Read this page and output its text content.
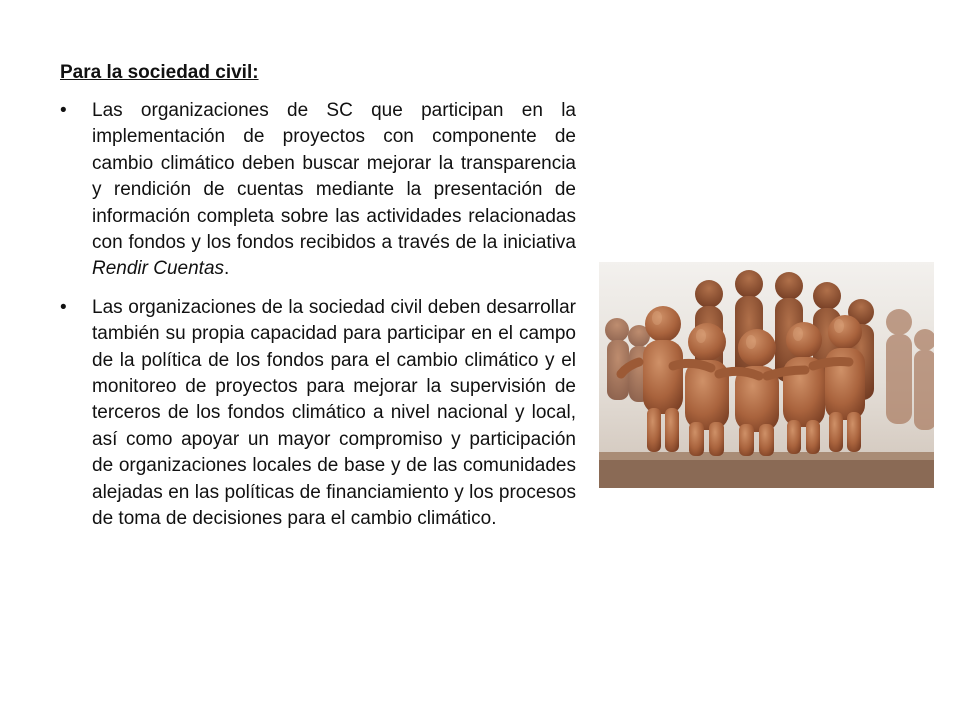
Para la sociedad civil:
• Las organizaciones de SC que participan en la implementación de proyectos con componente de cambio climático deben buscar mejorar la transparencia y rendición de cuentas mediante la presentación de información completa sobre las actividades relacionadas con fondos y los fondos recibidos a través de la iniciativa Rendir Cuentas.
• Las organizaciones de la sociedad civil deben desarrollar también su propia capacidad para participar en el campo de la política de los fondos para el cambio climático y el monitoreo de proyectos para mejorar la supervisión de terceros de los fondos climático a nivel nacional y local, así como apoyar un mayor compromiso y participación de organizaciones locales de base y de las comunidades alejadas en las políticas de financiamiento y los procesos de toma de decisiones para el cambio climático.
